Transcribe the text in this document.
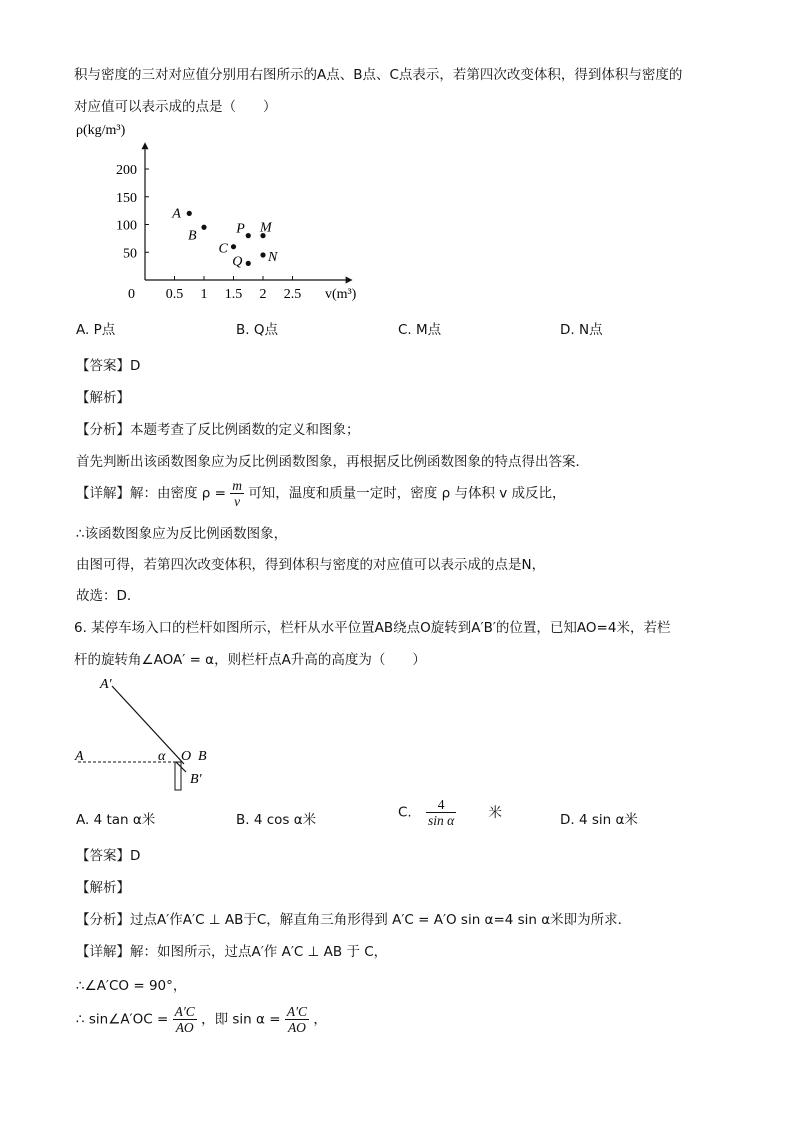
积与密度的三对对应值分别用右图所示的A点、B点、C点表示，若第四次改变体积，得到体积与密度的
对应值可以表示成的点是（　　）
ρ(kg/m³)
v(m³)
0 0.5 1 1.5 2 2.5
50
100
150
200
A
B
C
P M
Q N
A. P点	B. Q点	C. M点	D. N点
【答案】D
【解析】
【分析】本题考查了反比例函数的定义和图象；
首先判断出该函数图象应为反比例函数图象，再根据反比例函数图象的特点得出答案．
【详解】解：由密度 $\rho = \frac{m}{v}$ 可知，温度和质量一定时，密度 ρ 与体积 v 成反比，
∴该函数图象应为反比例函数图象，
由图可得，若第四次改变体积，得到体积与密度的对应值可以表示成的点是N，
故选：D．
6. 某停车场入口的栏杆如图所示，栏杆从水平位置AB绕点O旋转到A′B′的位置，已知AO=4米，若栏
杆的旋转角∠AOA′ = α，则栏杆点A升高的高度为（　　）
A′
A	α O B
B′
A. 4 tan α米	B. 4 cos α米	C. $\frac{4}{\text{sin α}}$ 米	D. 4 sin α米
【答案】D
【解析】
【分析】过点A′作A′C ⊥ AB于C，解直角三角形得到 A′C = A′O sin α=4 sin α米即为所求．
【详解】解：如图所示，过点A′作 A′C ⊥ AB 于 C，
∴∠A′CO = 90°，
∴ sin∠A′OC = $\frac{A'C}{AO}$ ，即 $\sin \alpha = \frac{A'C}{AO}$ ，
